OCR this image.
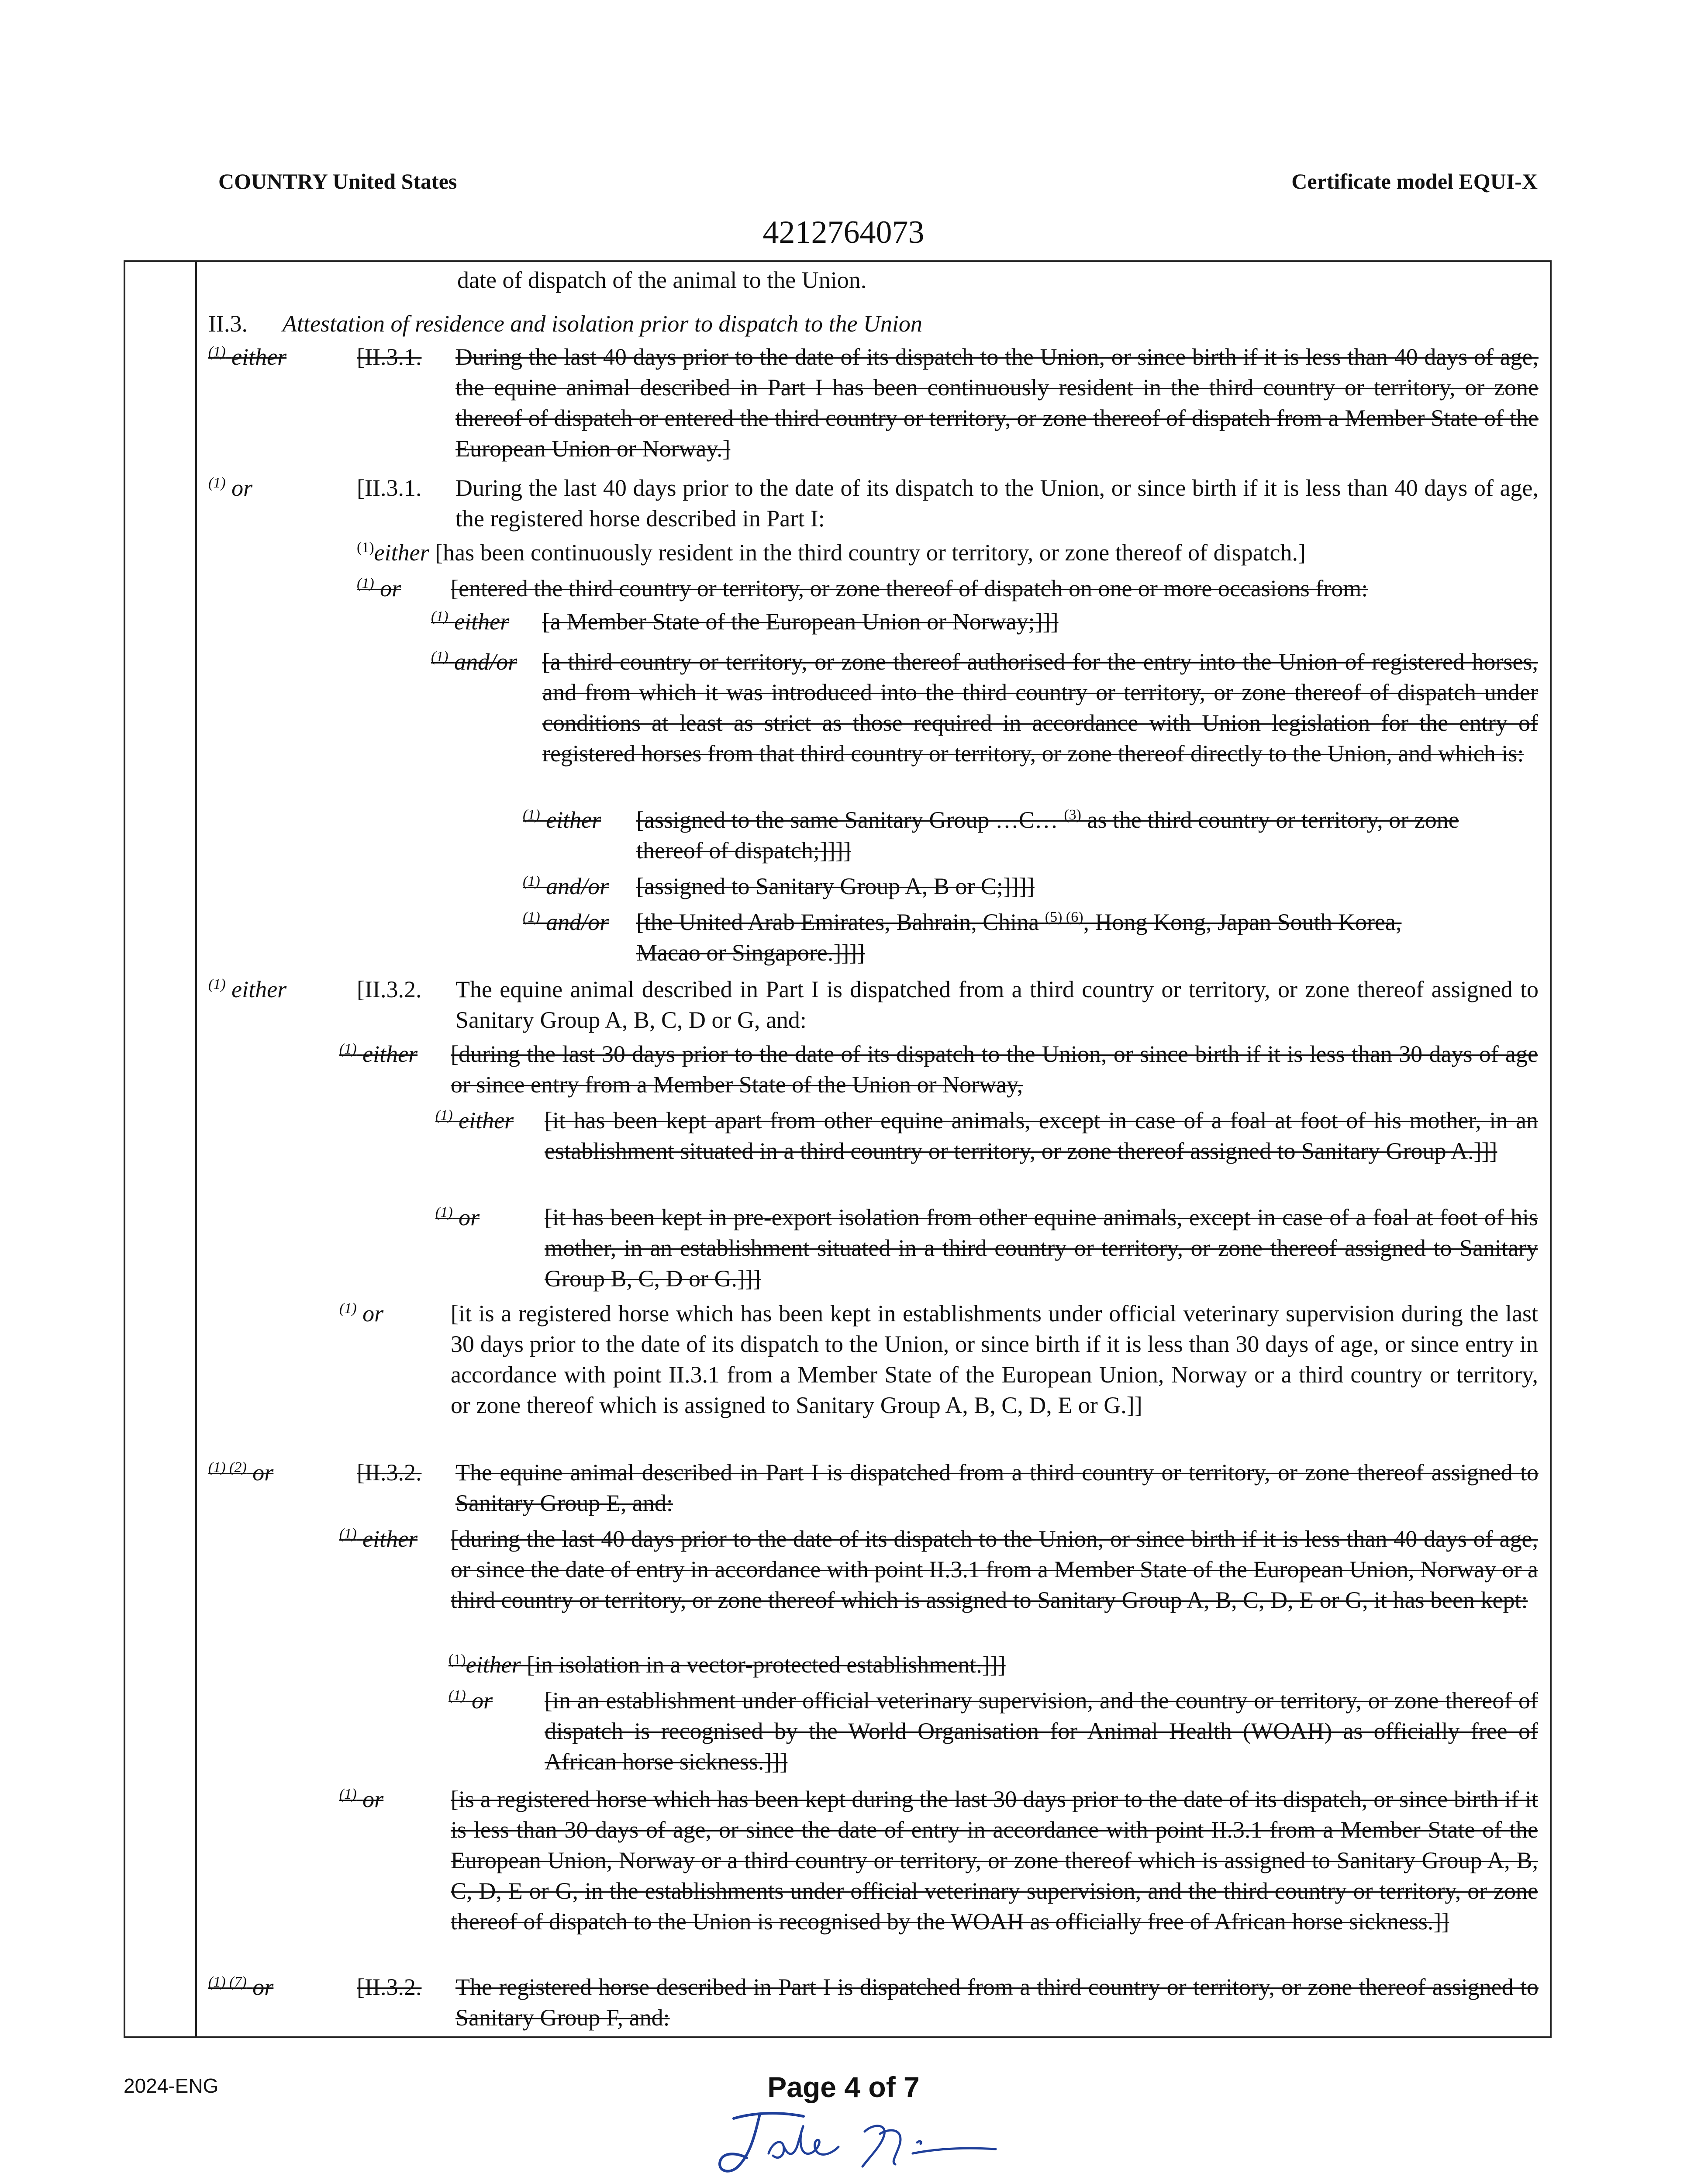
COUNTRY United States	Certificate model EQUI-X
4212764073
date of dispatch of the animal to the Union.
II.3. Attestation of residence and isolation prior to dispatch to the Union
$^{(1)}$ either	[II.3.1. During the last 40 days prior to the date of its dispatch to the Union, or since birth if it is less than 40 days of age, the equine animal described in Part I has been continuously resident in the third country or territory, or zone thereof of dispatch or entered the third country or territory, or zone thereof of dispatch from a Member State of the European Union or Norway.]
$^{(1)}$ or	[II.3.1. During the last 40 days prior to the date of its dispatch to the Union, or since birth if it is less than 40 days of age, the registered horse described in Part I:
$^{(1)}$either [has been continuously resident in the third country or territory, or zone thereof of dispatch.]
$^{(1)}$ or [entered the third country or territory, or zone thereof of dispatch on one or more occasions from:
$^{(1)}$ either [a Member State of the European Union or Norway;]]]
$^{(1)}$ and/or [a third country or territory, or zone thereof authorised for the entry into the Union of registered horses, and from which it was introduced into the third country or territory, or zone thereof of dispatch under conditions at least as strict as those required in accordance with Union legislation for the entry of registered horses from that third country or territory, or zone thereof directly to the Union, and which is:
$^{(1)}$ either [assigned to the same Sanitary Group …C… $^{(3)}$ as the third country or territory, or zone
thereof of dispatch;]]]]
$^{(1)}$ and/or [assigned to Sanitary Group A, B or C;]]]]
$^{(1)}$ and/or [the United Arab Emirates, Bahrain, China $^{(5) (6)}$, Hong Kong, Japan South Korea,
Macao or Singapore.]]]]
$^{(1)}$ either	[II.3.2. The equine animal described in Part I is dispatched from a third country or territory, or zone thereof assigned to Sanitary Group A, B, C, D or G, and:
$^{(1)}$ either [during the last 30 days prior to the date of its dispatch to the Union, or since birth if it is less than 30 days of age or since entry from a Member State of the Union or Norway,
$^{(1)}$ either [it has been kept apart from other equine animals, except in case of a foal at foot of his mother, in an establishment situated in a third country or territory, or zone thereof assigned to Sanitary Group A.]]]
$^{(1)}$ or	[it has been kept in pre-export isolation from other equine animals, except in case of a foal at foot of his mother, in an establishment situated in a third country or territory, or zone thereof assigned to Sanitary Group B, C, D or G.]]]
$^{(1)}$ or	[it is a registered horse which has been kept in establishments under official veterinary supervision during the last 30 days prior to the date of its dispatch to the Union, or since birth if it is less than 30 days of age, or since entry in accordance with point II.3.1 from a Member State of the European Union, Norway or a third country or territory, or zone thereof which is assigned to Sanitary Group A, B, C, D, E or G.]]
$^{(1) (2)}$ or	[II.3.2. The equine animal described in Part I is dispatched from a third country or territory, or zone thereof assigned to Sanitary Group E, and:
$^{(1)}$ either [during the last 40 days prior to the date of its dispatch to the Union, or since birth if it is less than 40 days of age, or since the date of entry in accordance with point II.3.1 from a Member State of the European Union, Norway or a third country or territory, or zone thereof which is assigned to Sanitary Group A, B, C, D, E or G, it has been kept:
$^{(1)}$either [in isolation in a vector-protected establishment.]]]
$^{(1)}$ or [in an establishment under official veterinary supervision, and the country or territory, or zone thereof of dispatch is recognised by the World Organisation for Animal Health (WOAH) as officially free of African horse sickness.]]]
$^{(1)}$ or	[is a registered horse which has been kept during the last 30 days prior to the date of its dispatch, or since birth if it is less than 30 days of age, or since the date of entry in accordance with point II.3.1 from a Member State of the European Union, Norway or a third country or territory, or zone thereof which is assigned to Sanitary Group A, B, C, D, E or G, in the establishments under official veterinary supervision, and the third country or territory, or zone thereof of dispatch to the Union is recognised by the WOAH as officially free of African horse sickness.]]
$^{(1) (7)}$ or	[II.3.2. The registered horse described in Part I is dispatched from a third country or territory, or zone thereof assigned to Sanitary Group F, and:
2024-ENG	Page 4 of 7
